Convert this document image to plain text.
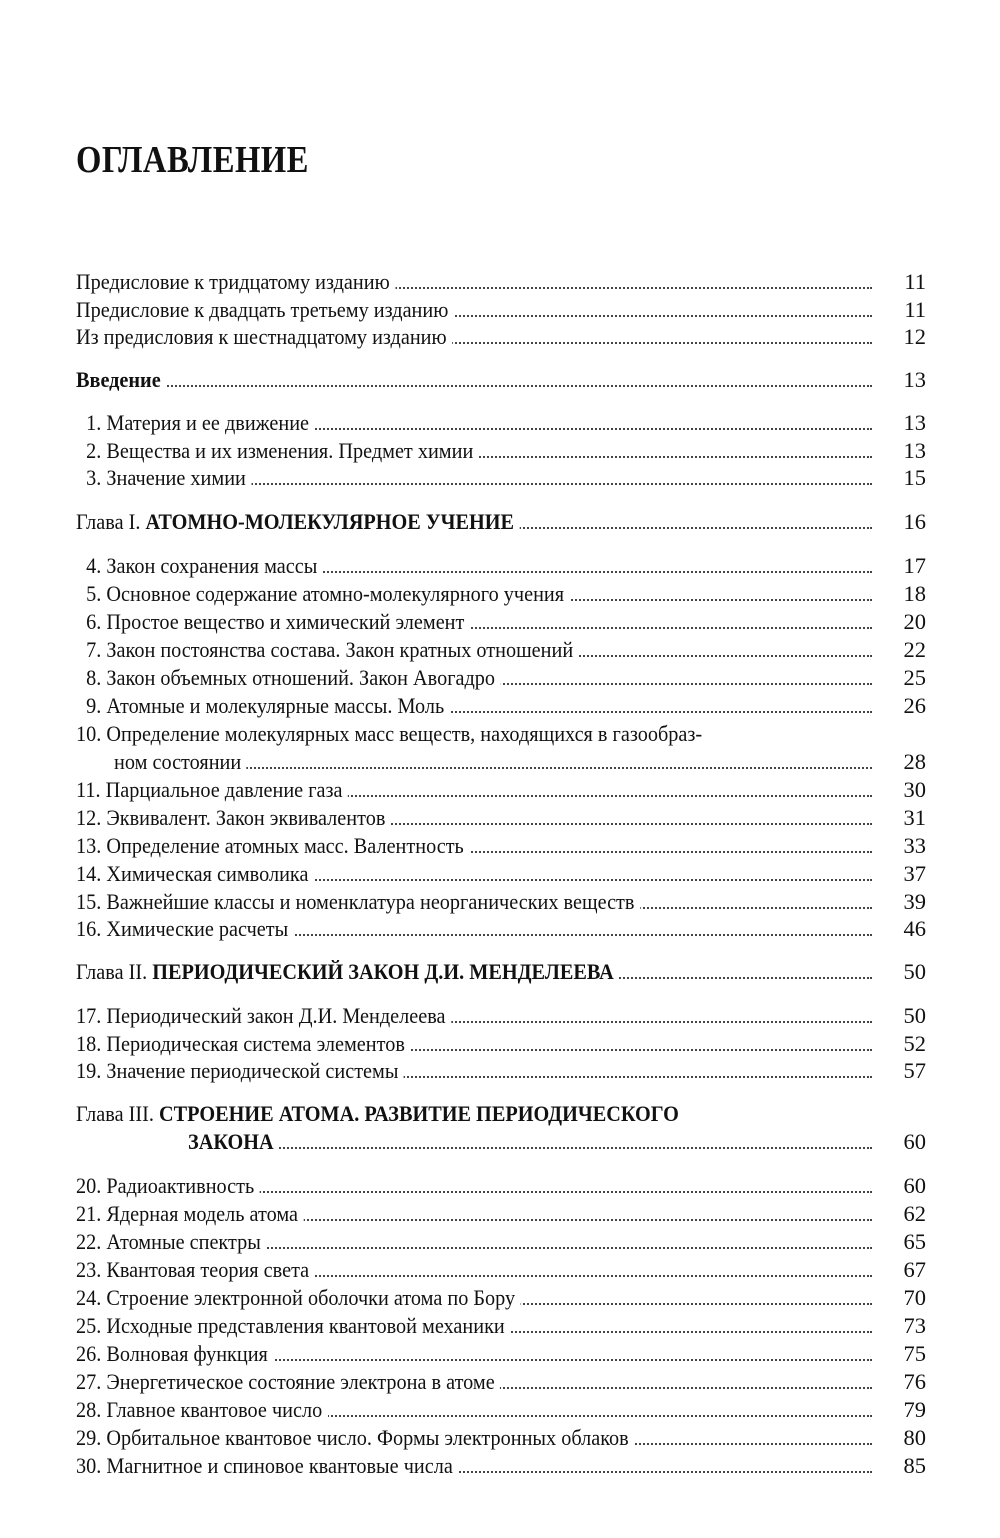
ОГЛАВЛЕНИЕ
Предисловие к тридцатому изданию	11
Предисловие к двадцать третьему изданию	11
Из предисловия к шестнадцатому изданию	12
Введение	13
1. Материя и ее движение	13
2. Вещества и их изменения. Предмет химии	13
3. Значение химии	15
Глава I. АТОМНО-МОЛЕКУЛЯРНОЕ УЧЕНИЕ	16
4. Закон сохранения массы	17
5. Основное содержание атомно-молекулярного учения	18
6. Простое вещество и химический элемент	20
7. Закон постоянства состава. Закон кратных отношений	22
8. Закон объемных отношений. Закон Авогадро	25
9. Атомные и молекулярные массы. Моль	26
10. Определение молекулярных масс веществ, находящихся в газообраз-
ном состоянии	28
11. Парциальное давление газа	30
12. Эквивалент. Закон эквивалентов	31
13. Определение атомных масс. Валентность	33
14. Химическая символика	37
15. Важнейшие классы и номенклатура неорганических веществ	39
16. Химические расчеты	46
Глава II. ПЕРИОДИЧЕСКИЙ ЗАКОН Д.И. МЕНДЕЛЕЕВА	50
17. Периодический закон Д.И. Менделеева	50
18. Периодическая система элементов	52
19. Значение периодической системы	57
Глава III. СТРОЕНИЕ АТОМА. РАЗВИТИЕ ПЕРИОДИЧЕСКОГО
ЗАКОНА	60
20. Радиоактивность	60
21. Ядерная модель атома	62
22. Атомные спектры	65
23. Квантовая теория света	67
24. Строение электронной оболочки атома по Бору	70
25. Исходные представления квантовой механики	73
26. Волновая функция	75
27. Энергетическое состояние электрона в атоме	76
28. Главное квантовое число	79
29. Орбитальное квантовое число. Формы электронных облаков	80
30. Магнитное и спиновое квантовые числа	85
